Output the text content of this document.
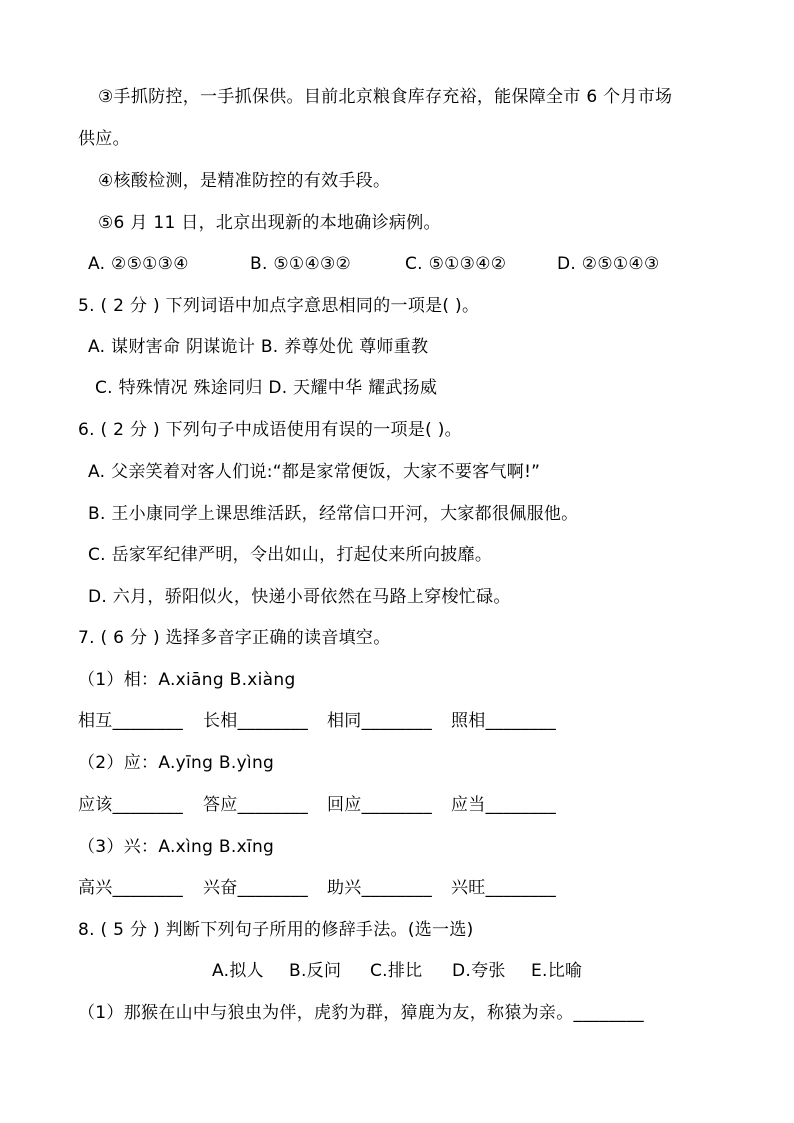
③手抓防控，一手抓保供。目前北京粮食库存充裕，能保障全市 6 个月市场
供应。
④核酸检测，是精准防控的有效手段。
⑤6 月 11 日，北京出现新的本地确诊病例。
A. ②⑤①③④	B. ⑤①④③②	C. ⑤①③④②	D. ②⑤①④③
5. ( 2 分 ) 下列词语中加点字意思相同的一项是( )。
A. 谋财害命 阴谋诡计 B. 养尊处优 尊师重教
C. 特殊情况 殊途同归 D. 天耀中华 耀武扬威
6. ( 2 分 ) 下列句子中成语使用有误的一项是( )。
A. 父亲笑着对客人们说:“都是家常便饭，大家不要客气啊!”
B. 王小康同学上课思维活跃，经常信口开河，大家都很佩服他。
C. 岳家军纪律严明，令出如山，打起仗来所向披靡。
D. 六月，骄阳似火，快递小哥依然在马路上穿梭忙碌。
7. ( 6 分 ) 选择多音字正确的读音填空。
（1）相：A.xiāng B.xiàng
相互________ 长相________ 相同________ 照相________
（2）应：A.yīng B.yìng
应该________ 答应________ 回应________ 应当________
（3）兴：A.xìng B.xīng
高兴________ 兴奋________ 助兴________ 兴旺________
8. ( 5 分 ) 判断下列句子所用的修辞手法。(选一选)
A.拟人 B.反问 C.排比 D.夸张 E.比喻
（1）那猴在山中与狼虫为伴，虎豹为群，獐鹿为友，称猿为亲。________
